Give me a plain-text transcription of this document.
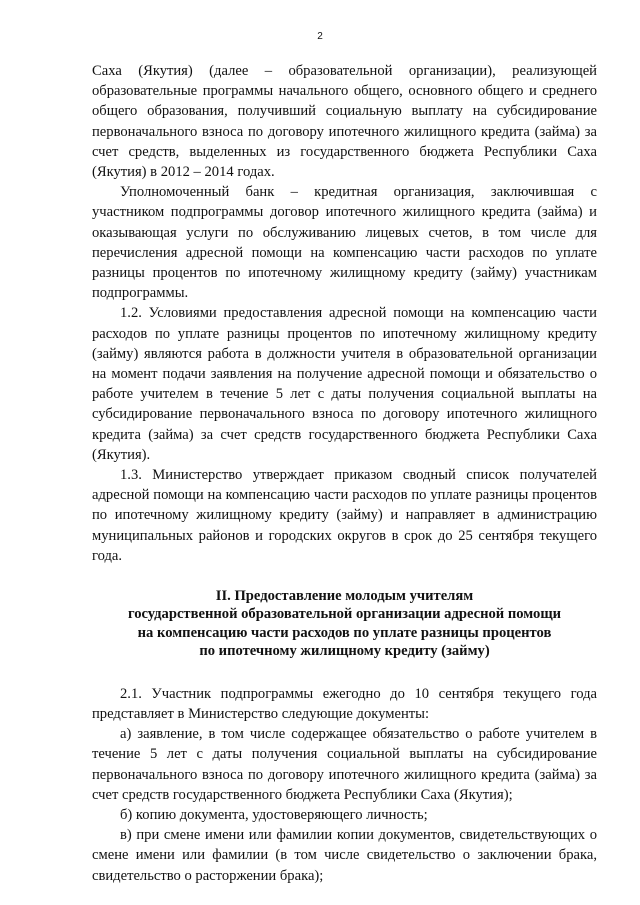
2

Саха (Якутия) (далее – образовательной организации), реализующей образовательные программы начального общего, основного общего и среднего общего образования, получивший социальную выплату на субсидирование первоначального взноса по договору ипотечного жилищного кредита (займа) за счет средств, выделенных из государственного бюджета Республики Саха (Якутия) в 2012 – 2014 годах.

Уполномоченный банк – кредитная организация, заключившая с участником подпрограммы договор ипотечного жилищного кредита (займа) и оказывающая услуги по обслуживанию лицевых счетов, в том числе для перечисления адресной помощи на компенсацию части расходов по уплате разницы процентов по ипотечному жилищному кредиту (займу) участникам подпрограммы.

1.2. Условиями предоставления адресной помощи на компенсацию части расходов по уплате разницы процентов по ипотечному жилищному кредиту (займу) являются работа в должности учителя в образовательной организации на момент подачи заявления на получение адресной помощи и обязательство о работе учителем в течение 5 лет с даты получения социальной выплаты на субсидирование первоначального взноса по договору ипотечного жилищного кредита (займа) за счет средств государственного бюджета Республики Саха (Якутия).

1.3. Министерство утверждает приказом сводный список получателей адресной помощи на компенсацию части расходов по уплате разницы процентов по ипотечному жилищному кредиту (займу) и направляет в администрацию муниципальных районов и городских округов в срок до 25 сентября текущего года.

II. Предоставление молодым учителям
государственной образовательной организации адресной помощи
на компенсацию части расходов по уплате разницы процентов
по ипотечному жилищному кредиту (займу)

2.1. Участник подпрограммы ежегодно до 10 сентября текущего года представляет в Министерство следующие документы:

а) заявление, в том числе содержащее обязательство о работе учителем в течение 5 лет с даты получения социальной выплаты на субсидирование первоначального взноса по договору ипотечного жилищного кредита (займа) за счет средств государственного бюджета Республики Саха (Якутия);

б) копию документа, удостоверяющего личность;

в) при смене имени или фамилии копии документов, свидетельствующих о смене имени или фамилии (в том числе свидетельство о заключении брака, свидетельство о расторжении брака);
